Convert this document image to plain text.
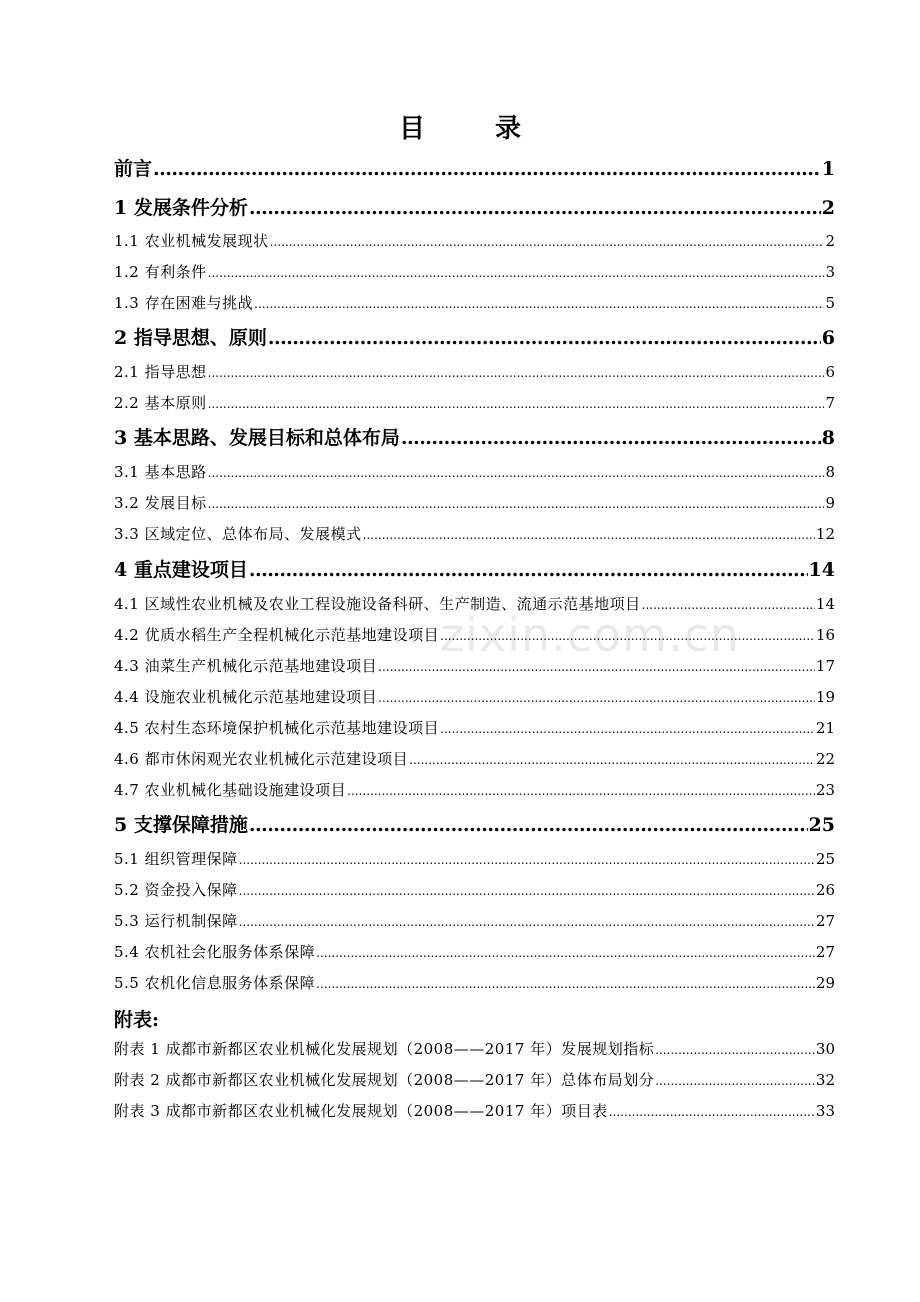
目　录
zixin.com.cn
前言 .....	1
1 发展条件分析 .....	2
1.1 农业机械发展现状 .....	2
1.2 有利条件 .....	3
1.3 存在困难与挑战 .....	5
2 指导思想、原则 .....	6
2.1 指导思想 .....	6
2.2 基本原则 .....	7
3 基本思路、发展目标和总体布局 .....	8
3.1 基本思路 .....	8
3.2 发展目标 .....	9
3.3 区域定位、总体布局、发展模式 .....	12
4 重点建设项目 .....	14
4.1 区域性农业机械及农业工程设施设备科研、生产制造、流通示范基地项目 .....	14
4.2 优质水稻生产全程机械化示范基地建设项目 .....	16
4.3 油菜生产机械化示范基地建设项目 .....	17
4.4 设施农业机械化示范基地建设项目 .....	19
4.5 农村生态环境保护机械化示范基地建设项目 .....	21
4.6 都市休闲观光农业机械化示范建设项目 .....	22
4.7 农业机械化基础设施建设项目 .....	23
5 支撑保障措施 .....	25
5.1 组织管理保障 .....	25
5.2 资金投入保障 .....	26
5.3 运行机制保障 .....	27
5.4 农机社会化服务体系保障 .....	27
5.5 农机化信息服务体系保障 .....	29
附表:
附表 1 成都市新都区农业机械化发展规划（2008——2017 年）发展规划指标 .....	30
附表 2 成都市新都区农业机械化发展规划（2008——2017 年）总体布局划分 .....	32
附表 3 成都市新都区农业机械化发展规划（2008——2017 年）项目表 .....	33
